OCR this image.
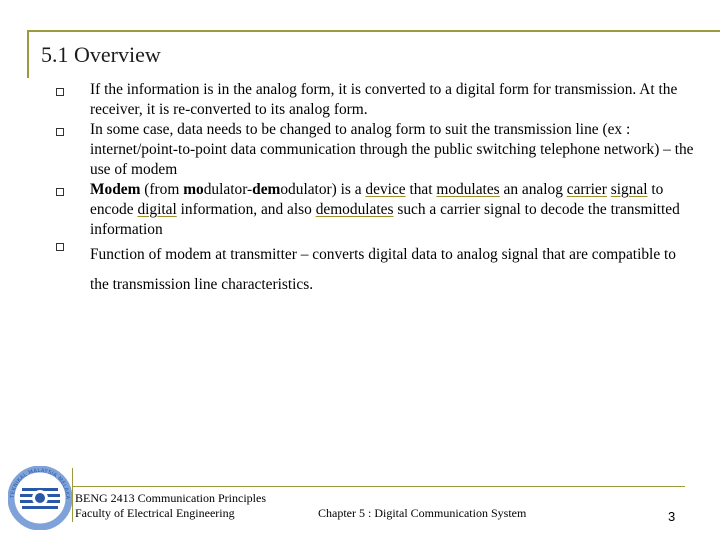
5.1 Overview
If the information is in the analog form, it is converted to a digital form for transmission. At the receiver, it is re-converted to its analog form.
In some case, data needs to be changed to analog form to suit the transmission line (ex : internet/point-to-point data communication through the public switching telephone network) – the use of modem
Modem (from modulator-demodulator) is a device that modulates an analog carrier signal to encode digital information, and also demodulates such a carrier signal to decode the transmitted information
Function of modem at transmitter – converts digital data to analog signal that are compatible to the transmission line characteristics.
TEKNIKAL MALAYSIA MELAKA BENG 2413 Communication Principles
Faculty of Electrical Engineering	Chapter 5 : Digital Communication System	3
